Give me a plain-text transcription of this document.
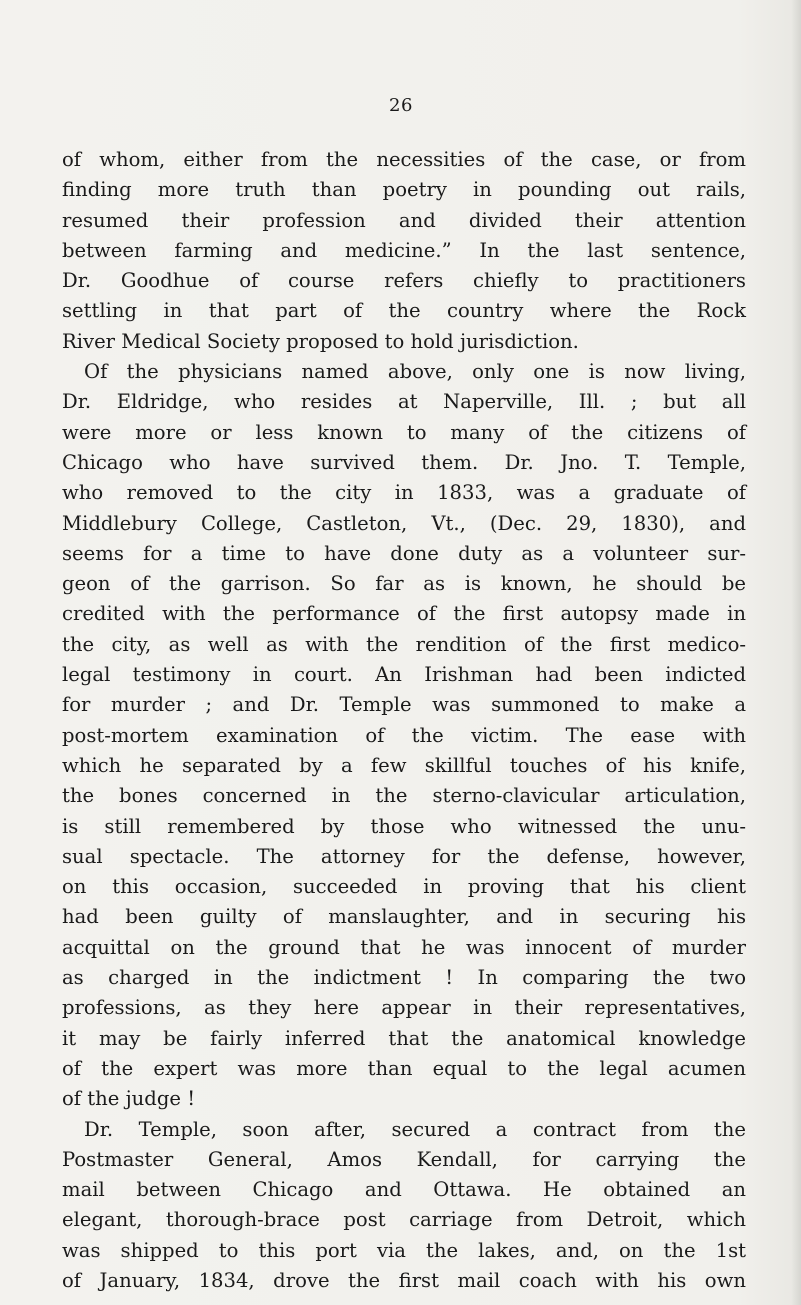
26
of whom, either from the necessities of the case, or from
finding more truth than poetry in pounding out rails,
resumed their profession and divided their attention
between farming and medicine.” In the last sentence,
Dr. Goodhue of course refers chiefly to practitioners
settling in that part of the country where the Rock
River Medical Society proposed to hold jurisdiction.
Of the physicians named above, only one is now living,
Dr. Eldridge, who resides at Naperville, Ill. ; but all
were more or less known to many of the citizens of
Chicago who have survived them. Dr. Jno. T. Temple,
who removed to the city in 1833, was a graduate of
Middlebury College, Castleton, Vt., (Dec. 29, 1830), and
seems for a time to have done duty as a volunteer sur-
geon of the garrison. So far as is known, he should be
credited with the performance of the first autopsy made in
the city, as well as with the rendition of the first medico-
legal testimony in court. An Irishman had been indicted
for murder ; and Dr. Temple was summoned to make a
post-mortem examination of the victim. The ease with
which he separated by a few skillful touches of his knife,
the bones concerned in the sterno-clavicular articulation,
is still remembered by those who witnessed the unu-
sual spectacle. The attorney for the defense, however,
on this occasion, succeeded in proving that his client
had been guilty of manslaughter, and in securing his
acquittal on the ground that he was innocent of murder
as charged in the indictment ! In comparing the two
professions, as they here appear in their representatives,
it may be fairly inferred that the anatomical knowledge
of the expert was more than equal to the legal acumen
of the judge !
Dr. Temple, soon after, secured a contract from the
Postmaster General, Amos Kendall, for carrying the
mail between Chicago and Ottawa. He obtained an
elegant, thorough-brace post carriage from Detroit, which
was shipped to this port via the lakes, and, on the 1st
of January, 1834, drove the first mail coach with his own
